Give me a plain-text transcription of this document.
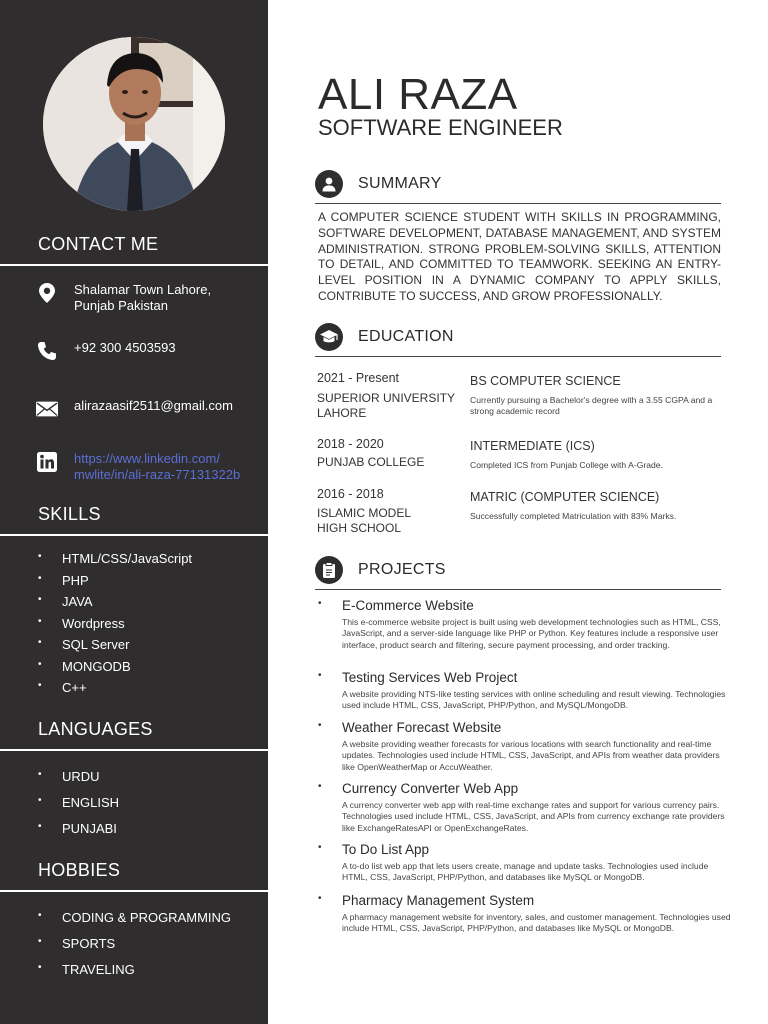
CONTACT ME
Shalamar Town Lahore,
Punjab Pakistan
+92 300 4503593
alirazaasif2511@gmail.com
https://www.linkedin.com/
mwlite/in/ali-raza-77131322b
SKILLS
• HTML/CSS/JavaScript
• PHP
• JAVA
• Wordpress
• SQL Server
• MONGODB
• C++
LANGUAGES
• URDU
• ENGLISH
• PUNJABI
HOBBIES
• CODING & PROGRAMMING
• SPORTS
• TRAVELING
ALI RAZA
SOFTWARE ENGINEER
SUMMARY
A COMPUTER SCIENCE STUDENT WITH SKILLS IN PROGRAMMING, SOFTWARE DEVELOPMENT, DATABASE MANAGEMENT, AND SYSTEM ADMINISTRATION. STRONG PROBLEM-SOLVING SKILLS, ATTENTION TO DETAIL, AND COMMITTED TO TEAMWORK. SEEKING AN ENTRY-LEVEL POSITION IN A DYNAMIC COMPANY TO APPLY SKILLS, CONTRIBUTE TO SUCCESS, AND GROW PROFESSIONALLY.
EDUCATION
2021 - Present
SUPERIOR UNIVERSITY
LAHORE
BS COMPUTER SCIENCE
Currently pursuing a Bachelor's degree with a 3.55 CGPA and a strong academic record
2018 - 2020
PUNJAB COLLEGE
INTERMEDIATE (ICS)
Completed ICS from Punjab College with A-Grade.
2016 - 2018
ISLAMIC MODEL
HIGH SCHOOL
MATRIC (COMPUTER SCIENCE)
Successfully completed Matriculation with 83% Marks.
PROJECTS
• E-Commerce Website
This e-commerce website project is built using web development technologies such as HTML, CSS, JavaScript, and a server-side language like PHP or Python. Key features include a responsive user interface, product search and filtering, secure payment processing, and order tracking.
• Testing Services Web Project
A website providing NTS-like testing services with online scheduling and result viewing. Technologies used include HTML, CSS, JavaScript, PHP/Python, and MySQL/MongoDB.
• Weather Forecast Website
A website providing weather forecasts for various locations with search functionality and real-time updates. Technologies used include HTML, CSS, JavaScript, and APIs from weather data providers like OpenWeatherMap or AccuWeather.
• Currency Converter Web App
A currency converter web app with real-time exchange rates and support for various currency pairs. Technologies used include HTML, CSS, JavaScript, and APIs from currency exchange rate providers like ExchangeRatesAPI or OpenExchangeRates.
• To Do List App
A to-do list web app that lets users create, manage and update tasks. Technologies used include HTML, CSS, JavaScript, PHP/Python, and databases like MySQL or MongoDB.
• Pharmacy Management System
A pharmacy management website for inventory, sales, and customer management. Technologies used include HTML, CSS, JavaScript, PHP/Python, and databases like MySQL or MongoDB.
